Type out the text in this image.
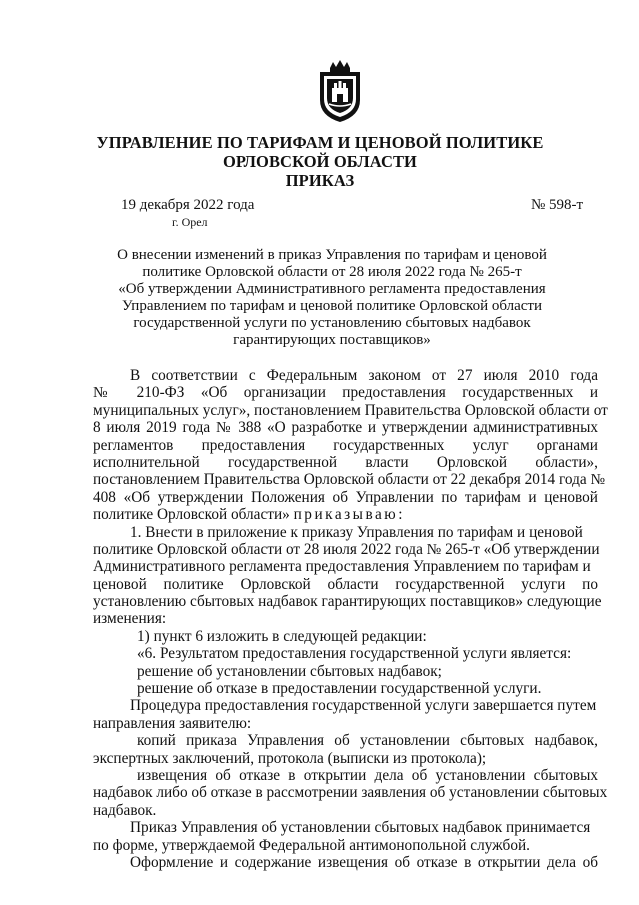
УПРАВЛЕНИЕ ПО ТАРИФАМ И ЦЕНОВОЙ ПОЛИТИКЕ
ОРЛОВСКОЙ ОБЛАСТИ
ПРИКАЗ
19 декабря 2022 года	№ 598-т
г. Орел
О внесении изменений в приказ Управления по тарифам и ценовой
политике Орловской области от 28 июля 2022 года № 265-т
«Об утверждении Административного регламента предоставления
Управлением по тарифам и ценовой политике Орловской области
государственной услуги по установлению сбытовых надбавок
гарантирующих поставщиков»
В соответствии с Федеральным законом от 27 июля 2010 года
№ 210-ФЗ «Об организации предоставления государственных и
муниципальных услуг», постановлением Правительства Орловской области от
8 июля 2019 года № 388 «О разработке и утверждении административных
регламентов предоставления государственных услуг органами
исполнительной государственной власти Орловской области»,
постановлением Правительства Орловской области от 22 декабря 2014 года №
408 «Об утверждении Положения об Управлении по тарифам и ценовой
политике Орловской области» приказываю:
1. Внести в приложение к приказу Управления по тарифам и ценовой
политике Орловской области от 28 июля 2022 года № 265-т «Об утверждении
Административного регламента предоставления Управлением по тарифам и
ценовой политике Орловской области государственной услуги по
установлению сбытовых надбавок гарантирующих поставщиков» следующие
изменения:
1) пункт 6 изложить в следующей редакции:
«6. Результатом предоставления государственной услуги является:
решение об установлении сбытовых надбавок;
решение об отказе в предоставлении государственной услуги.
Процедура предоставления государственной услуги завершается путем
направления заявителю:
копий приказа Управления об установлении сбытовых надбавок,
экспертных заключений, протокола (выписки из протокола);
извещения об отказе в открытии дела об установлении сбытовых
надбавок либо об отказе в рассмотрении заявления об установлении сбытовых
надбавок.
Приказ Управления об установлении сбытовых надбавок принимается
по форме, утверждаемой Федеральной антимонопольной службой.
Оформление и содержание извещения об отказе в открытии дела об
